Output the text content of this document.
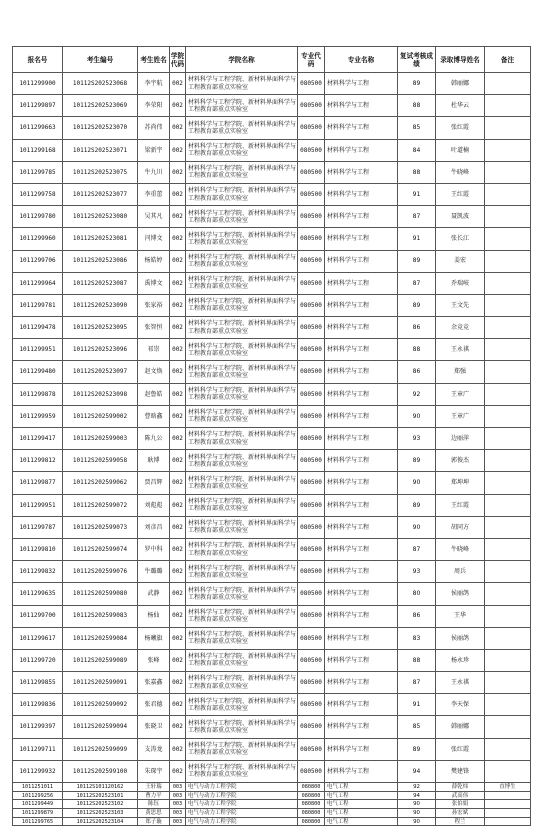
报名号	考生编号	考生姓名	学院代码	学院名称	专业代码	专业名称	复试考核成绩	录取博导姓名	备注
1011299900	10112S202523068	李宇航	002	材料科学与工程学院、新材料界面科学与工程教育部重点实验室	080500	材料科学与工程	89	韩丽娜	
1011299897	10112S202523069	李荣阳	002	材料科学与工程学院、新材料界面科学与工程教育部重点实验室	080500	材料科学与工程	88	杜华云	
1011299663	10112S202523070	苏尚伟	002	材料科学与工程学院、新材料界面科学与工程教育部重点实验室	080500	材料科学与工程	85	张红霞	
1011299168	10112S202523071	梁新宇	002	材料科学与工程学院、新材料界面科学与工程教育部重点实验室	080500	材料科学与工程	84	叶道楠	
1011299785	10112S202523075	牛九川	002	材料科学与工程学院、新材料界面科学与工程教育部重点实验室	080500	材料科学与工程	88	牛晓峰	
1011299758	10112S202523077	李重蕾	002	材料科学与工程学院、新材料界面科学与工程教育部重点实验室	080500	材料科学与工程	91	王红霞	
1011299780	10112S202523080	吴其凡	002	材料科学与工程学院、新材料界面科学与工程教育部重点实验室	080500	材料科学与工程	87	聂凯波	
1011299960	10112S202523081	闫博文	002	材料科学与工程学院、新材料界面科学与工程教育部重点实验室	080500	材料科学与工程	91	张长江	
1011299706	10112S202523086	杨皓婷	002	材料科学与工程学院、新材料界面科学与工程教育部重点实验室	080500	材料科学与工程	89	姜宏	
1011299964	10112S202523087	禹博文	002	材料科学与工程学院、新材料界面科学与工程教育部重点实验室	080500	材料科学与工程	87	乔瑞岐	
1011299781	10112S202523090	张家裕	002	材料科学与工程学院、新材料界面科学与工程教育部重点实验室	080500	材料科学与工程	89	王文先	
1011299478	10112S202523095	张智恒	002	材料科学与工程学院、新材料界面科学与工程教育部重点实验室	080500	材料科学与工程	86	余竞竞	
1011299951	10112S202523096	祁崇	002	材料科学与工程学院、新材料界面科学与工程教育部重点实验室	080500	材料科学与工程	88	王永祺	
1011299480	10112S202523097	赵文焕	002	材料科学与工程学院、新材料界面科学与工程教育部重点实验室	080500	材料科学与工程	86	郑强	
1011299878	10112S202523098	赵鲁皓	002	材料科学与工程学院、新材料界面科学与工程教育部重点实验室	080500	材料科学与工程	92	王章广	
1011299959	10112S202599002	曹晗鑫	002	材料科学与工程学院、新材料界面科学与工程教育部重点实验室	080500	材料科学与工程	90	王章广	
1011299417	10112S202599003	陈九公	002	材料科学与工程学院、新材料界面科学与工程教育部重点实验室	080500	材料科学与工程	93	边丽萍	
1011299812	10112S202599058	耿博	002	材料科学与工程学院、新材料界面科学与工程教育部重点实验室	080500	材料科学与工程	89	郭俊杰	
1011299877	10112S202599062	贾昌辉	002	材料科学与工程学院、新材料界面科学与工程教育部重点实验室	080500	材料科学与工程	90	郑坤坤	
1011299951	10112S202599072	刘彪彪	002	材料科学与工程学院、新材料界面科学与工程教育部重点实验室	080500	材料科学与工程	89	王红霞	
1011299787	10112S202599073	刘彦昌	002	材料科学与工程学院、新材料界面科学与工程教育部重点实验室	080500	材料科学与工程	90	胡同方	
1011299810	10112S202599074	罗中科	002	材料科学与工程学院、新材料界面科学与工程教育部重点实验室	080500	材料科学与工程	87	牛晓峰	
1011299832	10112S202599076	牛璐璐	002	材料科学与工程学院、新材料界面科学与工程教育部重点实验室	080500	材料科学与工程	93	周兵	
1011299635	10112S202599080	武静	002	材料科学与工程学院、新材料界面科学与工程教育部重点实验室	080500	材料科学与工程	80	侯丽鸽	
1011299700	10112S202599083	杨仙	002	材料科学与工程学院、新材料界面科学与工程教育部重点实验室	080500	材料科学与工程	86	王华	
1011299617	10112S202599084	杨曦旗	002	材料科学与工程学院、新材料界面科学与工程教育部重点实验室	080500	材料科学与工程	83	侯丽鸽	
1011299720	10112S202599089	张峰	002	材料科学与工程学院、新材料界面科学与工程教育部重点实验室	080500	材料科学与工程	88	杨永珍	
1011299855	10112S202599091	张嘉鑫	002	材料科学与工程学院、新材料界面科学与工程教育部重点实验室	080500	材料科学与工程	87	王永祺	
1011299836	10112S202599092	张君德	002	材料科学与工程学院、新材料界面科学与工程教育部重点实验室	080500	材料科学与工程	91	李天保	
1011299397	10112S202599094	张晓卫	002	材料科学与工程学院、新材料界面科学与工程教育部重点实验室	080500	材料科学与工程	85	韩丽娜	
1011299711	10112S202599099	支涛龙	002	材料科学与工程学院、新材料界面科学与工程教育部重点实验室	080500	材料科学与工程	89	张红霞	
1011299932	10112S202599100	朱琛宇	002	材料科学与工程学院、新材料界面科学与工程教育部重点实验室	080500	材料科学与工程	94	樊建锋	
1011251011	10112S101120162	王轩瑞	003	电气与动力工程学院	080800	电气工程	92	薛乾炜	直博生
1011299256	10112S202523101	曹力平	003	电气与动力工程学院	080800	电气工程	94	武高伟	
1011299449	10112S202523102	陈钰	003	电气与动力工程学院	080800	电气工程	90	张伯娟	
1011299879	10112S202523103	黄思思	003	电气与动力工程学院	080800	电气工程	90	孙宏斌	
1011299765	10112S202523104	郑子璇	003	电气与动力工程学院	080800	电气工程	90	程兰	
